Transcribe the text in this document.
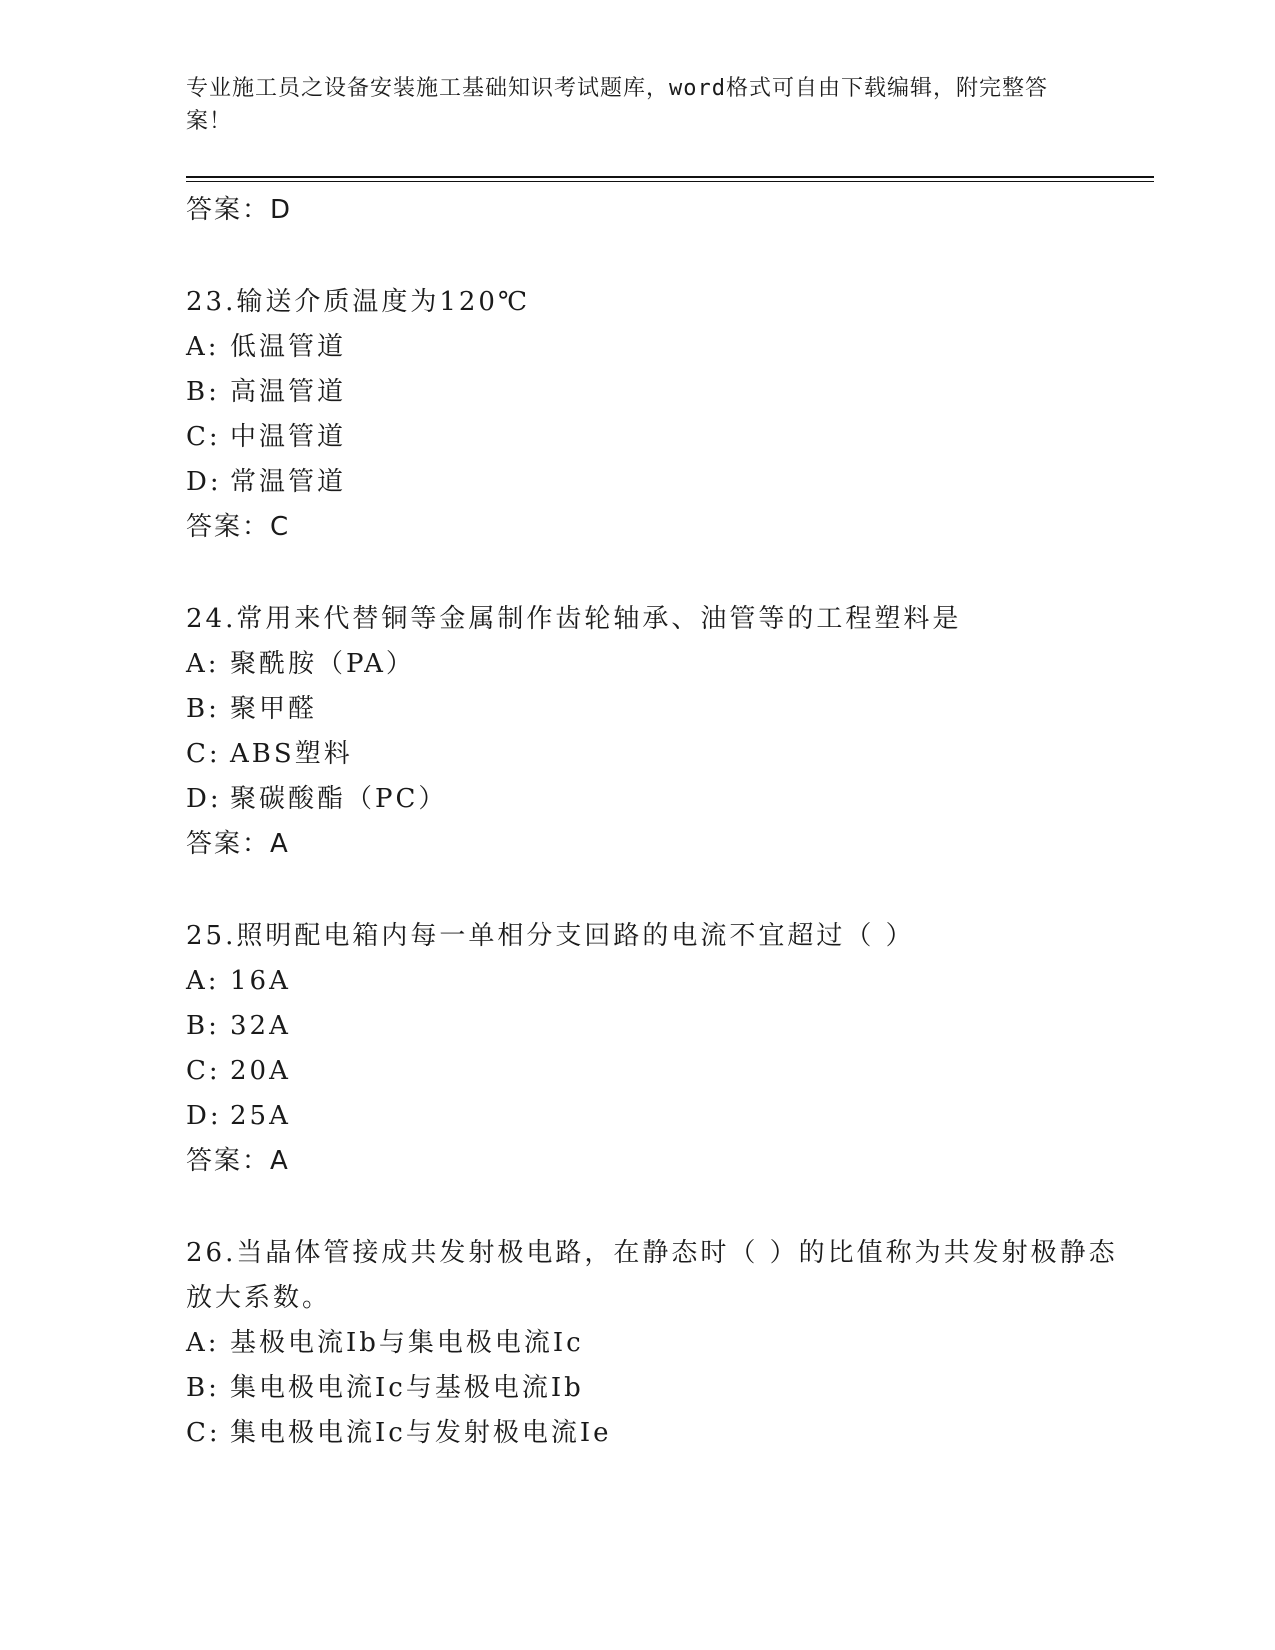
专业施工员之设备安装施工基础知识考试题库，word格式可自由下载编辑，附完整答案！

答案：D

23.输送介质温度为120℃

A: 低温管道

B: 高温管道

C: 中温管道

D: 常温管道

答案：C

24.常用来代替铜等金属制作齿轮轴承、油管等的工程塑料是

A: 聚酰胺（PA）

B: 聚甲醛

C: ABS塑料

D: 聚碳酸酯（PC）

答案：A

25.照明配电箱内每一单相分支回路的电流不宜超过（ ）

A: 16A

B: 32A

C: 20A

D: 25A

答案：A

26.当晶体管接成共发射极电路，在静态时（ ）的比值称为共发射极静态放大系数。

A: 基极电流Ib与集电极电流Ic

B: 集电极电流Ic与基极电流Ib

C: 集电极电流Ic与发射极电流Ie
